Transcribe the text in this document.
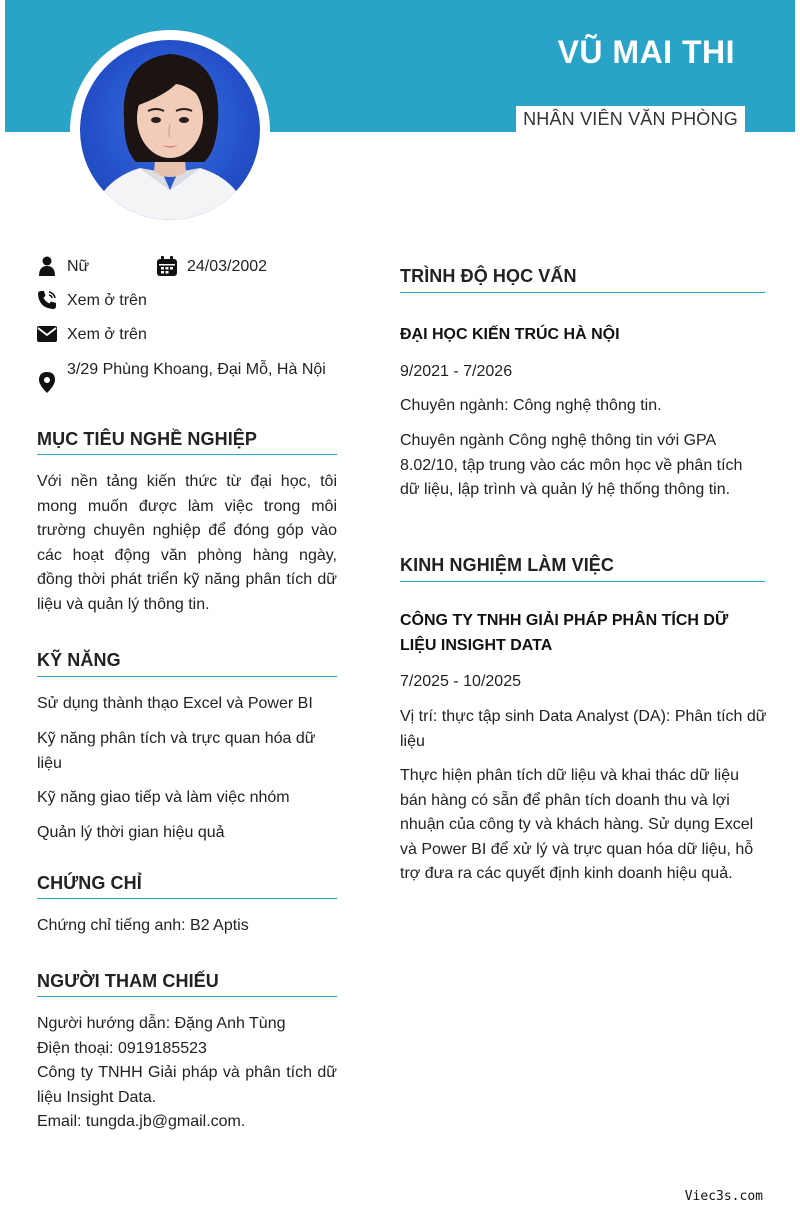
VŨ MAI THI
NHÂN VIÊN VĂN PHÒNG
Nữ	24/03/2002
Xem ở trên
Xem ở trên
3/29 Phùng Khoang, Đại Mỗ, Hà Nội
MỤC TIÊU NGHỀ NGHIỆP
Với nền tảng kiến thức từ đại học, tôi mong muốn được làm việc trong môi trường chuyên nghiệp để đóng góp vào các hoạt động văn phòng hàng ngày, đồng thời phát triển kỹ năng phân tích dữ liệu và quản lý thông tin.
KỸ NĂNG
Sử dụng thành thạo Excel và Power BI
Kỹ năng phân tích và trực quan hóa dữ liệu
Kỹ năng giao tiếp và làm việc nhóm
Quản lý thời gian hiệu quả
CHỨNG CHỈ
Chứng chỉ tiếng anh: B2 Aptis
NGƯỜI THAM CHIẾU
Người hướng dẫn: Đặng Anh Tùng
Điện thoại: 0919185523
Công ty TNHH Giải pháp và phân tích dữ liệu Insight Data.
Email: tungda.jb@gmail.com.
TRÌNH ĐỘ HỌC VẤN
ĐẠI HỌC KIẾN TRÚC HÀ NỘI
9/2021 - 7/2026
Chuyên ngành: Công nghệ thông tin.
Chuyên ngành Công nghệ thông tin với GPA 8.02/10, tập trung vào các môn học về phân tích dữ liệu, lập trình và quản lý hệ thống thông tin.
KINH NGHIỆM LÀM VIỆC
CÔNG TY TNHH GIẢI PHÁP PHÂN TÍCH DỮ LIỆU INSIGHT DATA
7/2025 - 10/2025
Vị trí: thực tập sinh Data Analyst (DA): Phân tích dữ liệu
Thực hiện phân tích dữ liệu và khai thác dữ liệu bán hàng có sẵn để phân tích doanh thu và lợi nhuận của công ty và khách hàng. Sử dụng Excel và Power BI để xử lý và trực quan hóa dữ liệu, hỗ trợ đưa ra các quyết định kinh doanh hiệu quả.
Viec3s.com
